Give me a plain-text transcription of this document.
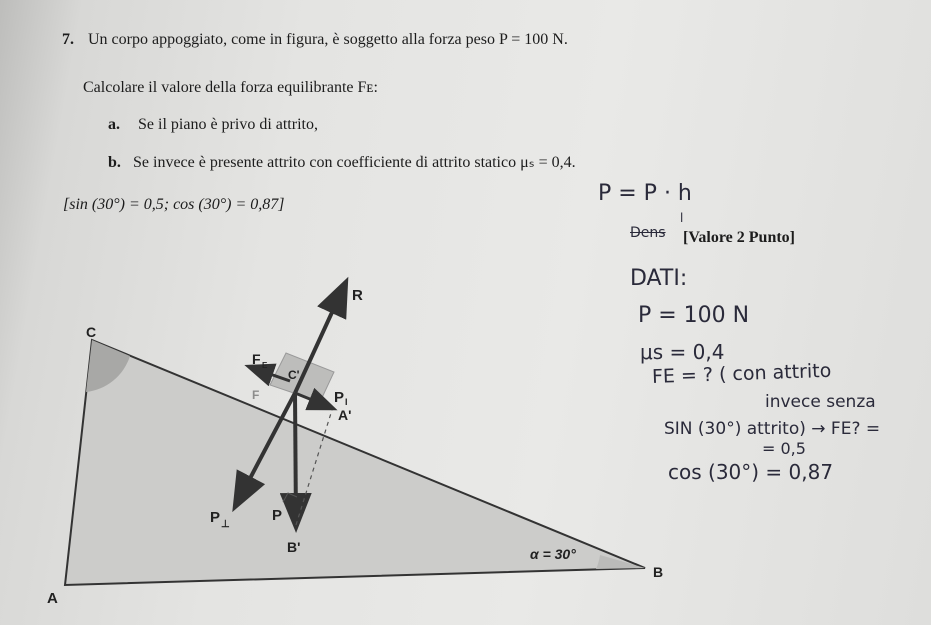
7. Un corpo appoggiato, come in figura, è soggetto alla forza peso P = 100 N.
Calcolare il valore della forza equilibrante Fᴇ:
a. Se il piano è privo di attrito,
b. Se invece è presente attrito con coefficiente di attrito statico μₛ = 0,4.
[sin (30°) = 0,5; cos (30°) = 0,87]
[Valore 2 Punto]
C
A
B
C'
A'
B'
R
F E
F	P I
P ⊥
P
α = 30°
P = P · h
l
Dens
DATI:
P = 100 N
μs = 0,4
FE = ? ( con attrito
invece senza
SIN (30°) attrito) → FE? =
= 0,5
cos (30°) = 0,87
